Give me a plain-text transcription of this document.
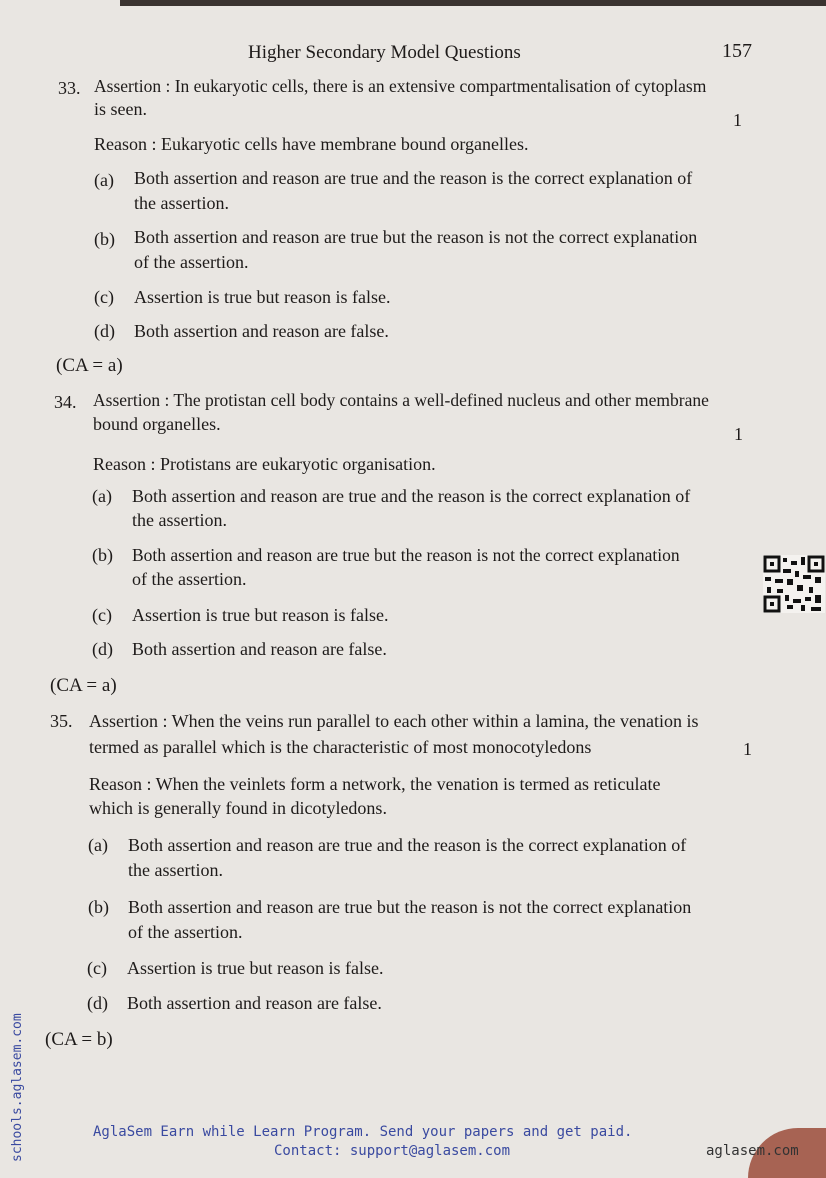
Higher Secondary Model Questions	157
33. Assertion : In eukaryotic cells, there is an extensive compartmentalisation of cytoplasm
is seen.
1
Reason : Eukaryotic cells have membrane bound organelles.
(a) Both assertion and reason are true and the reason is the correct explanation of
the assertion.
(b) Both assertion and reason are true but the reason is not the correct explanation
of the assertion.
(c) Assertion is true but reason is false.
(d) Both assertion and reason are false.
(CA = a)
34. Assertion : The protistan cell body contains a well-defined nucleus and other membrane
bound organelles.	1
Reason : Protistans are eukaryotic organisation.
(a) Both assertion and reason are true and the reason is the correct explanation of
the assertion.
(b) Both assertion and reason are true but the reason is not the correct explanation
of the assertion.
(c) Assertion is true but reason is false.
(d) Both assertion and reason are false.
(CA = a)
35. Assertion : When the veins run parallel to each other within a lamina, the venation is
termed as parallel which is the characteristic of most monocotyledons	1
Reason : When the veinlets form a network, the venation is termed as reticulate
which is generally found in dicotyledons.
(a) Both assertion and reason are true and the reason is the correct explanation of
the assertion.
(b) Both assertion and reason are true but the reason is not the correct explanation
of the assertion.
(c) Assertion is true but reason is false.
(d) Both assertion and reason are false.
(CA = b)
schools.aglasem.com	AglaSem Earn while Learn Program. Send your papers and get paid.
Contact: support@aglasem.com	aglasem.com
